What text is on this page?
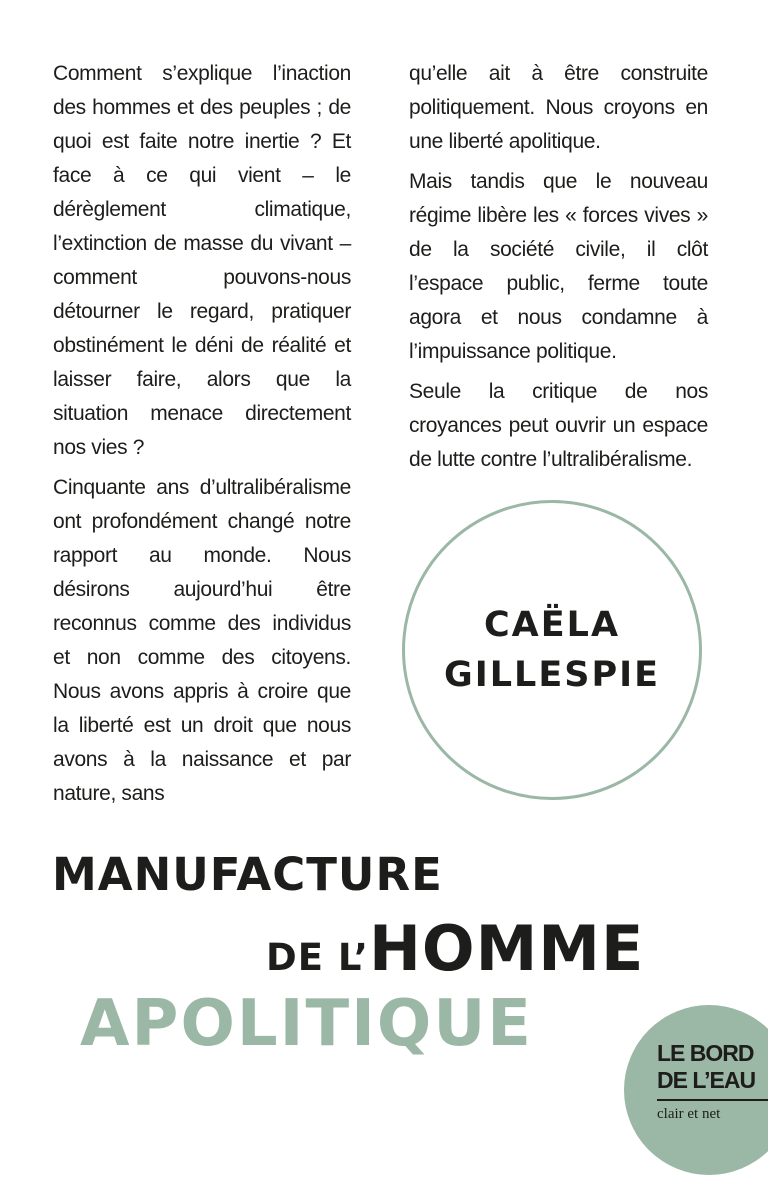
Comment s’explique l’inaction des hommes et des peuples ; de quoi est faite notre inertie ? Et face à ce qui vient – le dérèglement climatique, l’extinction de masse du vivant – comment pouvons-nous détourner le regard, pratiquer obstinément le déni de réalité et laisser faire, alors que la situation menace directement nos vies ?

Cinquante ans d’ultralibéralisme ont profondément changé notre rapport au monde. Nous désirons aujourd’hui être reconnus comme des individus et non comme des citoyens. Nous avons appris à croire que la liberté est un droit que nous avons à la naissance et par nature, sans

qu’elle ait à être construite politiquement. Nous croyons en une liberté apolitique.

Mais tandis que le nouveau régime libère les « forces vives » de la société civile, il clôt l’espace public, ferme toute agora et nous condamne à l’impuissance politique.

Seule la critique de nos croyances peut ouvrir un espace de lutte contre l’ultralibéralisme.

CAËLA
GILLESPIE
MANUFACTURE
DE L’HOMME
APOLITIQUE	LE BORD
DE L’EAU
clair et net
